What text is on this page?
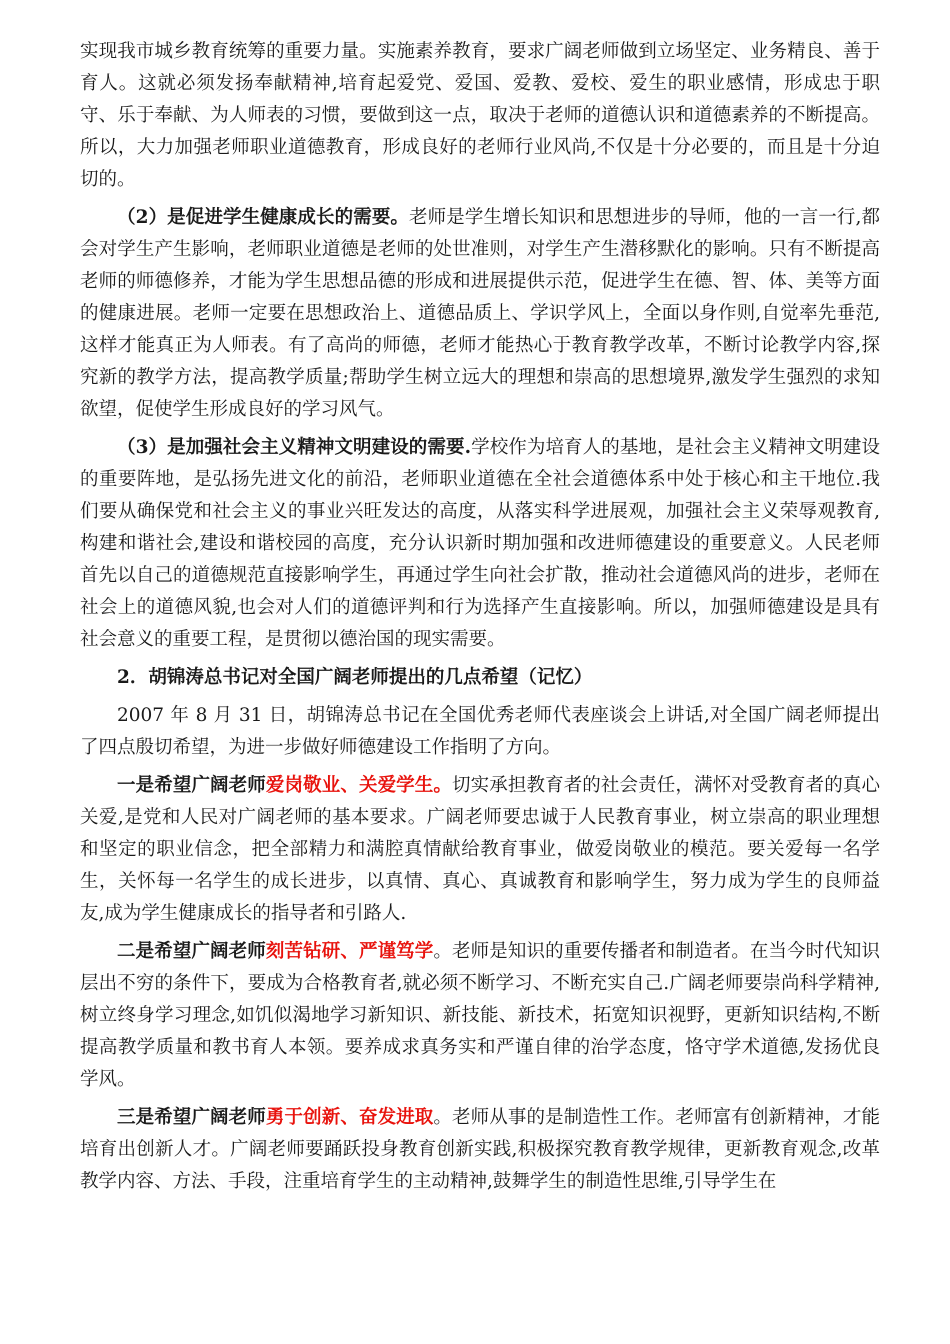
实现我市城乡教育统筹的重要力量。实施素养教育，要求广阔老师做到立场坚定、业务精良、善于育人。这就必须发扬奉献精神,培育起爱党、爱国、爱教、爱校、爱生的职业感情，形成忠于职守、乐于奉献、为人师表的习惯，要做到这一点，取决于老师的道德认识和道德素养的不断提高。所以，大力加强老师职业道德教育，形成良好的老师行业风尚,不仅是十分必要的，而且是十分迫切的。

（2）是促进学生健康成长的需要。老师是学生增长知识和思想进步的导师，他的一言一行,都会对学生产生影响，老师职业道德是老师的处世准则，对学生产生潜移默化的影响。只有不断提高老师的师德修养，才能为学生思想品德的形成和进展提供示范，促进学生在德、智、体、美等方面的健康进展。老师一定要在思想政治上、道德品质上、学识学风上，全面以身作则,自觉率先垂范,这样才能真正为人师表。有了高尚的师德，老师才能热心于教育教学改革，不断讨论教学内容,探究新的教学方法，提高教学质量;帮助学生树立远大的理想和崇高的思想境界,激发学生强烈的求知欲望，促使学生形成良好的学习风气。

（3）是加强社会主义精神文明建设的需要.学校作为培育人的基地，是社会主义精神文明建设的重要阵地，是弘扬先进文化的前沿，老师职业道德在全社会道德体系中处于核心和主干地位.我们要从确保党和社会主义的事业兴旺发达的高度，从落实科学进展观，加强社会主义荣辱观教育,构建和谐社会,建设和谐校园的高度，充分认识新时期加强和改进师德建设的重要意义。人民老师首先以自己的道德规范直接影响学生，再通过学生向社会扩散，推动社会道德风尚的进步，老师在社会上的道德风貌,也会对人们的道德评判和行为选择产生直接影响。所以，加强师德建设是具有社会意义的重要工程，是贯彻以德治国的现实需要。

2．胡锦涛总书记对全国广阔老师提出的几点希望（记忆）

2007 年 8 月 31 日，胡锦涛总书记在全国优秀老师代表座谈会上讲话,对全国广阔老师提出了四点殷切希望，为进一步做好师德建设工作指明了方向。

一是希望广阔老师爱岗敬业、关爱学生。切实承担教育者的社会责任，满怀对受教育者的真心关爱,是党和人民对广阔老师的基本要求。广阔老师要忠诚于人民教育事业，树立崇高的职业理想和坚定的职业信念，把全部精力和满腔真情献给教育事业，做爱岗敬业的模范。要关爱每一名学生，关怀每一名学生的成长进步，以真情、真心、真诚教育和影响学生，努力成为学生的良师益友,成为学生健康成长的指导者和引路人.

二是希望广阔老师刻苦钻研、严谨笃学。老师是知识的重要传播者和制造者。在当今时代知识层出不穷的条件下，要成为合格教育者,就必须不断学习、不断充实自己.广阔老师要崇尚科学精神,树立终身学习理念,如饥似渴地学习新知识、新技能、新技术，拓宽知识视野，更新知识结构,不断提高教学质量和教书育人本领。要养成求真务实和严谨自律的治学态度，恪守学术道德,发扬优良学风。

三是希望广阔老师勇于创新、奋发进取。老师从事的是制造性工作。老师富有创新精神，才能培育出创新人才。广阔老师要踊跃投身教育创新实践,积极探究教育教学规律，更新教育观念,改革教学内容、方法、手段，注重培育学生的主动精神,鼓舞学生的制造性思维,引导学生在
